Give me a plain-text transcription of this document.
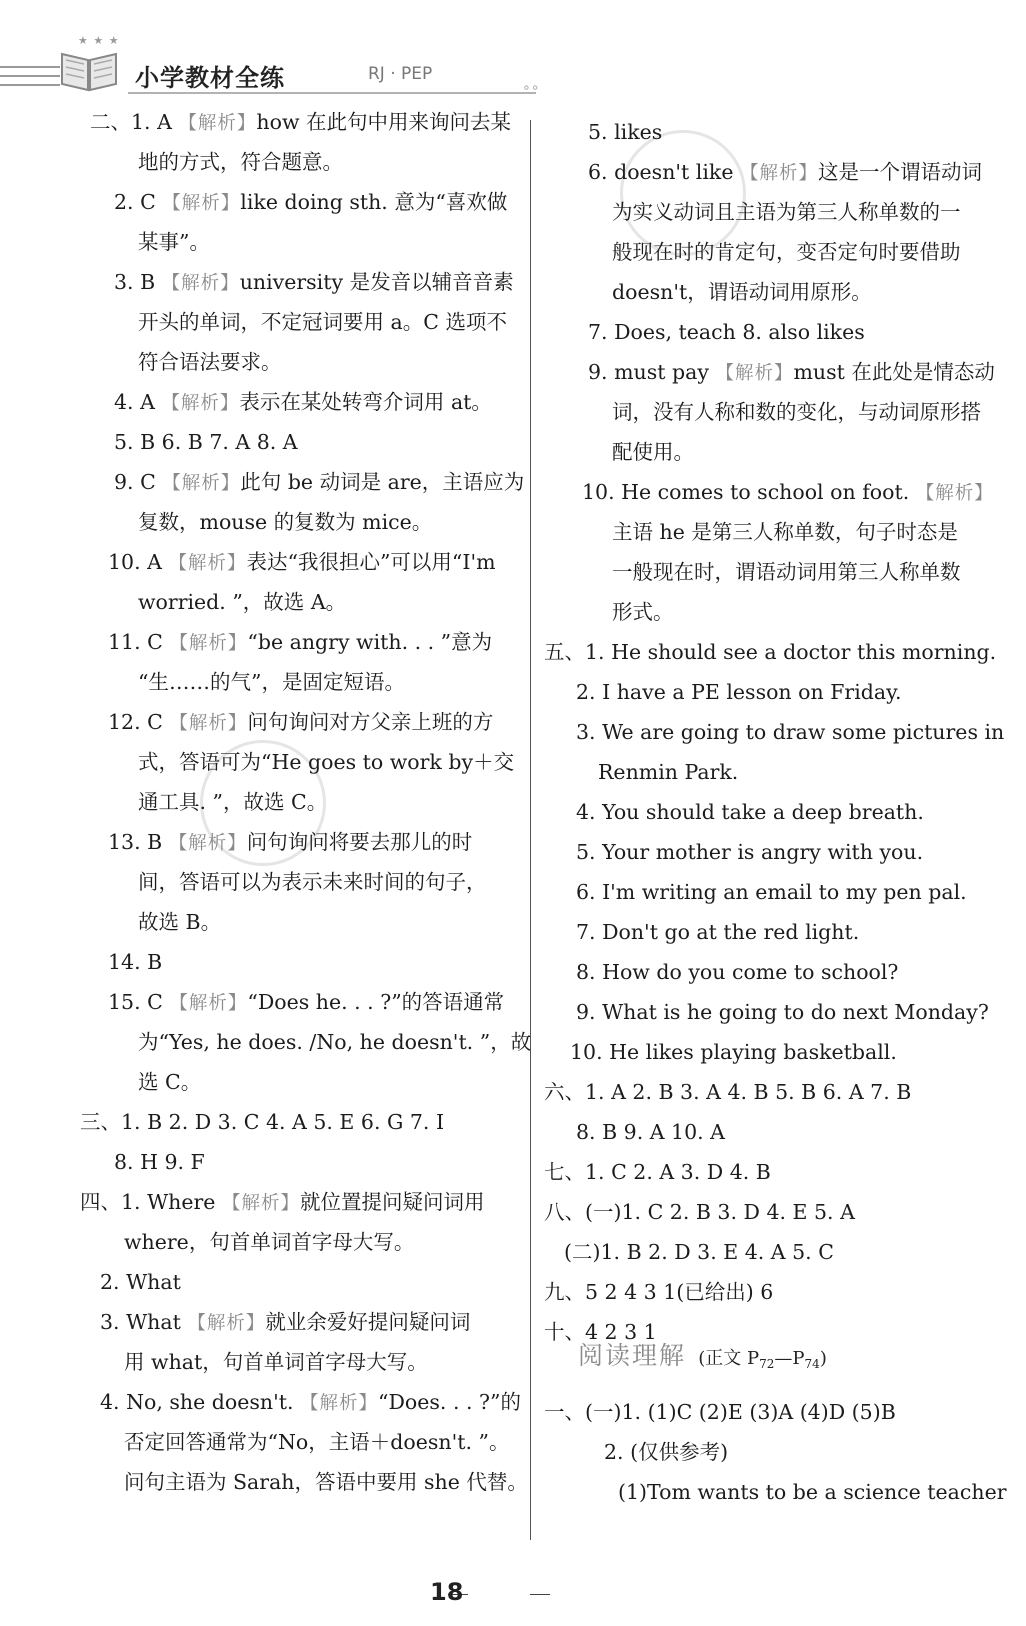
★ ★ ★
小学教材全练	RJ · PEP
∘∘
二、1. A 【解析】how 在此句中用来询问去某
地的方式，符合题意。
2. C 【解析】like doing sth. 意为“喜欢做
某事”。
3. B 【解析】university 是发音以辅音音素
开头的单词，不定冠词要用 a。C 选项不
符合语法要求。
4. A 【解析】表示在某处转弯介词用 at。
5. B 6. B 7. A 8. A
9. C 【解析】此句 be 动词是 are，主语应为
复数，mouse 的复数为 mice。
10. A 【解析】表达“我很担心”可以用“I'm
worried. ”，故选 A。
11. C 【解析】“be angry with. . . ”意为
“生……的气”，是固定短语。
12. C 【解析】问句询问对方父亲上班的方
式，答语可为“He goes to work by＋交
通工具. ”，故选 C。
13. B 【解析】问句询问将要去那儿的时
间，答语可以为表示未来时间的句子，
故选 B。
14. B
15. C 【解析】“Does he. . . ?”的答语通常
为“Yes, he does. /No, he doesn't. ”，故
选 C。
三、1. B 2. D 3. C 4. A 5. E 6. G 7. I
8. H 9. F
四、1. Where 【解析】就位置提问疑问词用
where，句首单词首字母大写。
2. What
3. What 【解析】就业余爱好提问疑问词
用 what，句首单词首字母大写。
4. No, she doesn't. 【解析】“Does. . . ?”的
否定回答通常为“No，主语＋doesn't. ”。
问句主语为 Sarah，答语中要用 she 代替。
5. likes
6. doesn't like 【解析】这是一个谓语动词
为实义动词且主语为第三人称单数的一
般现在时的肯定句，变否定句时要借助
doesn't，谓语动词用原形。
7. Does, teach 8. also likes
9. must pay 【解析】must 在此处是情态动
词，没有人称和数的变化，与动词原形搭
配使用。
10. He comes to school on foot. 【解析】
主语 he 是第三人称单数，句子时态是
一般现在时，谓语动词用第三人称单数
形式。
五、1. He should see a doctor this morning.
2. I have a PE lesson on Friday.
3. We are going to draw some pictures in
Renmin Park.
4. You should take a deep breath.
5. Your mother is angry with you.
6. I'm writing an email to my pen pal.
7. Don't go at the red light.
8. How do you come to school?
9. What is he going to do next Monday?
10. He likes playing basketball.
六、1. A 2. B 3. A 4. B 5. B 6. A 7. B
8. B 9. A 10. A
七、1. C 2. A 3. D 4. B
八、(一)1. C 2. B 3. D 4. E 5. A
(二)1. B 2. D 3. E 4. A 5. C
九、5 2 4 3 1(已给出) 6
十、4 2 3 1
一、(一)1. (1)C (2)E (3)A (4)D (5)B
2. (仅供参考)
(1)Tom wants to be a science teacher
阅读理解 (正文 $P_{72}—P_{74}$)
18
